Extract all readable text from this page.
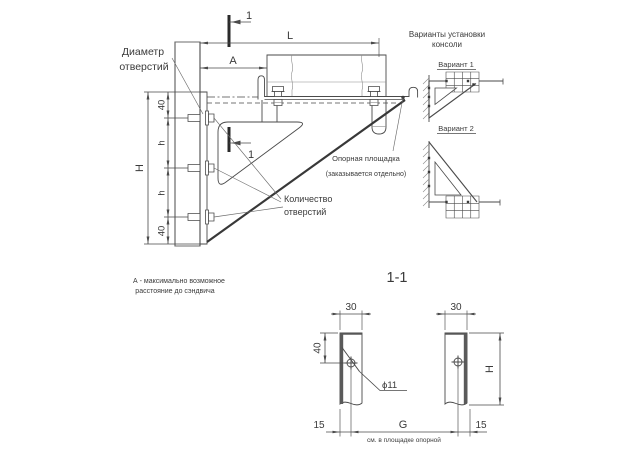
1
1
L
A
40
h
h
40
H
Диаметр
отверстий
Количество
отверстий
Опорная площадка
(заказывается отдельно)
А - максимально возможное
расстояние до сэндвича
Варианты установки
консоли
Вариант 1
Вариант 2
1-1
ϕ11
30	30
40
H
15	G	15
см. в площадке опорной
